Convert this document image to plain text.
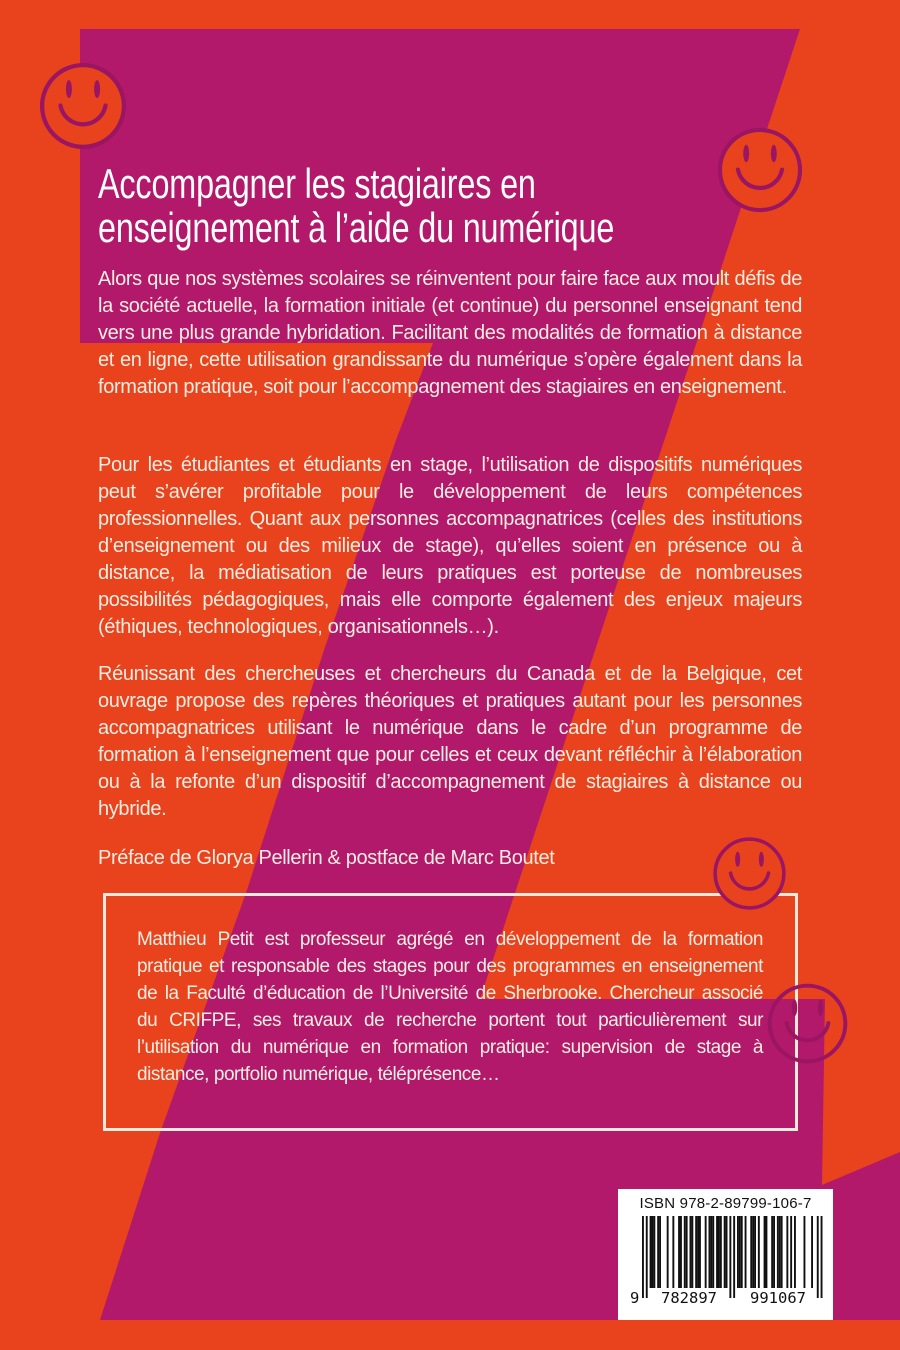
Accompagner les stagiaires en
enseignement à l’aide du numérique
Alors que nos systèmes scolaires se réinventent pour faire face aux moult défis de la société actuelle, la formation initiale (et continue) du personnel enseignant tend vers une plus grande hybridation. Facilitant des modalités de formation à distance et en ligne, cette utilisation grandissante du numérique s’opère également dans la formation pratique, soit pour l’accompagnement des stagiaires en enseignement.
Pour les étudiantes et étudiants en stage, l’utilisation de dispositifs numériques peut s’avérer profitable pour le développement de leurs compétences professionnelles. Quant aux personnes accompagnatrices (celles des institutions d’enseignement ou des milieux de stage), qu’elles soient en présence ou à distance, la médiatisation de leurs pratiques est porteuse de nombreuses possibilités pédagogiques, mais elle comporte également des enjeux majeurs (éthiques, technologiques, organisationnels…).
Réunissant des chercheuses et chercheurs du Canada et de la Belgique, cet ouvrage propose des repères théoriques et pratiques autant pour les personnes accompagnatrices utilisant le numérique dans le cadre d’un programme de formation à l’enseignement que pour celles et ceux devant réfléchir à l’élaboration ou à la refonte d’un dispositif d’accompagnement de stagiaires à distance ou hybride.
Préface de Glorya Pellerin & postface de Marc Boutet
Matthieu Petit est professeur agrégé en développement de la formation pratique et responsable des stages pour des programmes en enseignement de la Faculté d’éducation de l’Université de Sherbrooke. Chercheur associé du CRIFPE, ses travaux de recherche portent tout particulièrement sur l’utilisation du numérique en formation pratique: supervision de stage à distance, portfolio numérique, téléprésence…
ISBN 978-2-89799-106-7
9 782897 991067
